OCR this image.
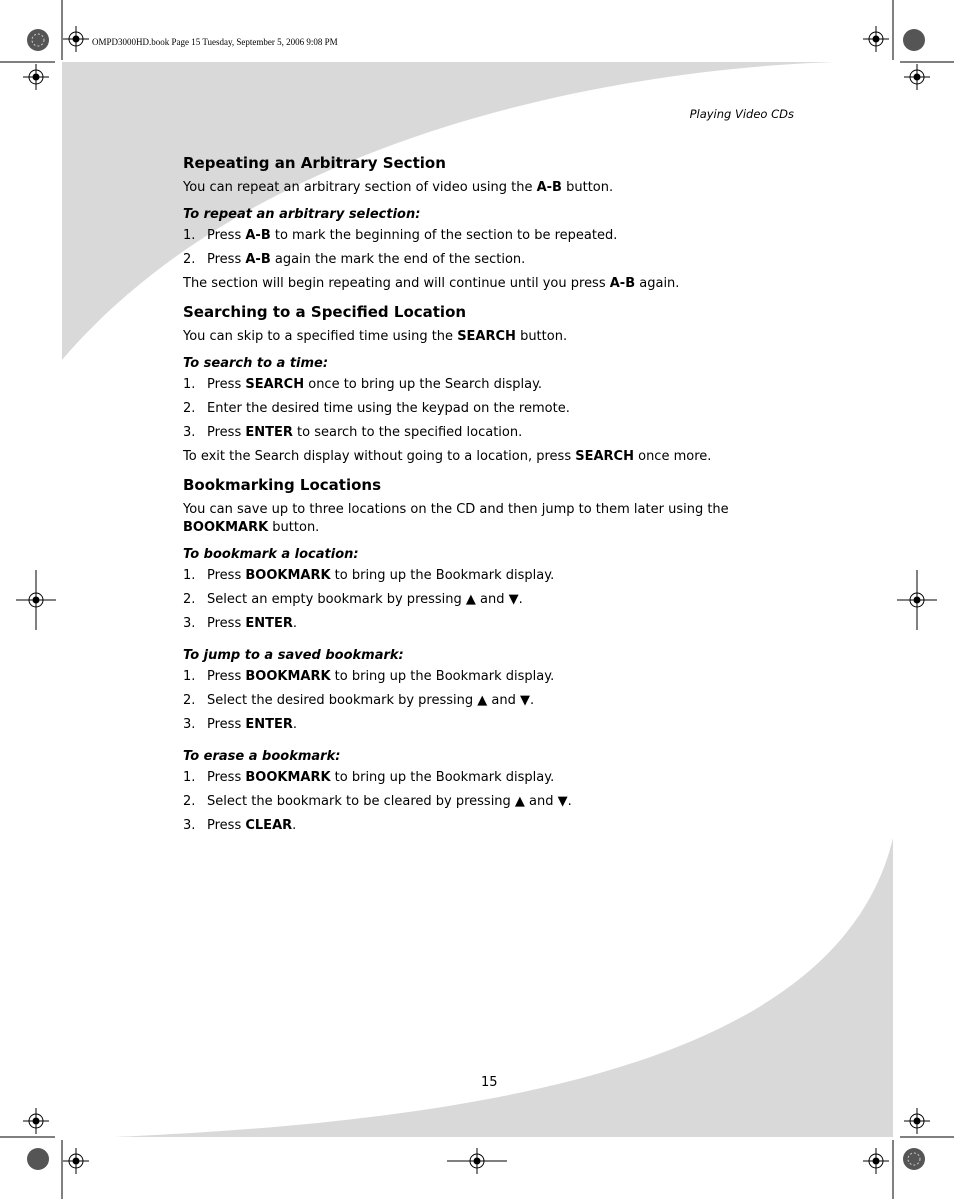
OMPD3000HD.book Page 15 Tuesday, September 5, 2006 9:08 PM
Playing Video CDs
Repeating an Arbitrary Section

You can repeat an arbitrary section of video using the A-B button.

To repeat an arbitrary selection:
1. Press A-B to mark the beginning of the section to be repeated.
2. Press A-B again the mark the end of the section.

The section will begin repeating and will continue until you press A-B again.

Searching to a Specified Location

You can skip to a specified time using the SEARCH button.

To search to a time:
1. Press SEARCH once to bring up the Search display.
2. Enter the desired time using the keypad on the remote.
3. Press ENTER to search to the specified location.

To exit the Search display without going to a location, press SEARCH once more.

Bookmarking Locations

You can save up to three locations on the CD and then jump to them later using the BOOKMARK button.

To bookmark a location:
1. Press BOOKMARK to bring up the Bookmark display.
2. Select an empty bookmark by pressing ▲ and ▼.
3. Press ENTER.
To jump to a saved bookmark:
1. Press BOOKMARK to bring up the Bookmark display.
2. Select the desired bookmark by pressing ▲ and ▼.
3. Press ENTER.
To erase a bookmark:
1. Press BOOKMARK to bring up the Bookmark display.
2. Select the bookmark to be cleared by pressing ▲ and ▼.
3. Press CLEAR.
15
